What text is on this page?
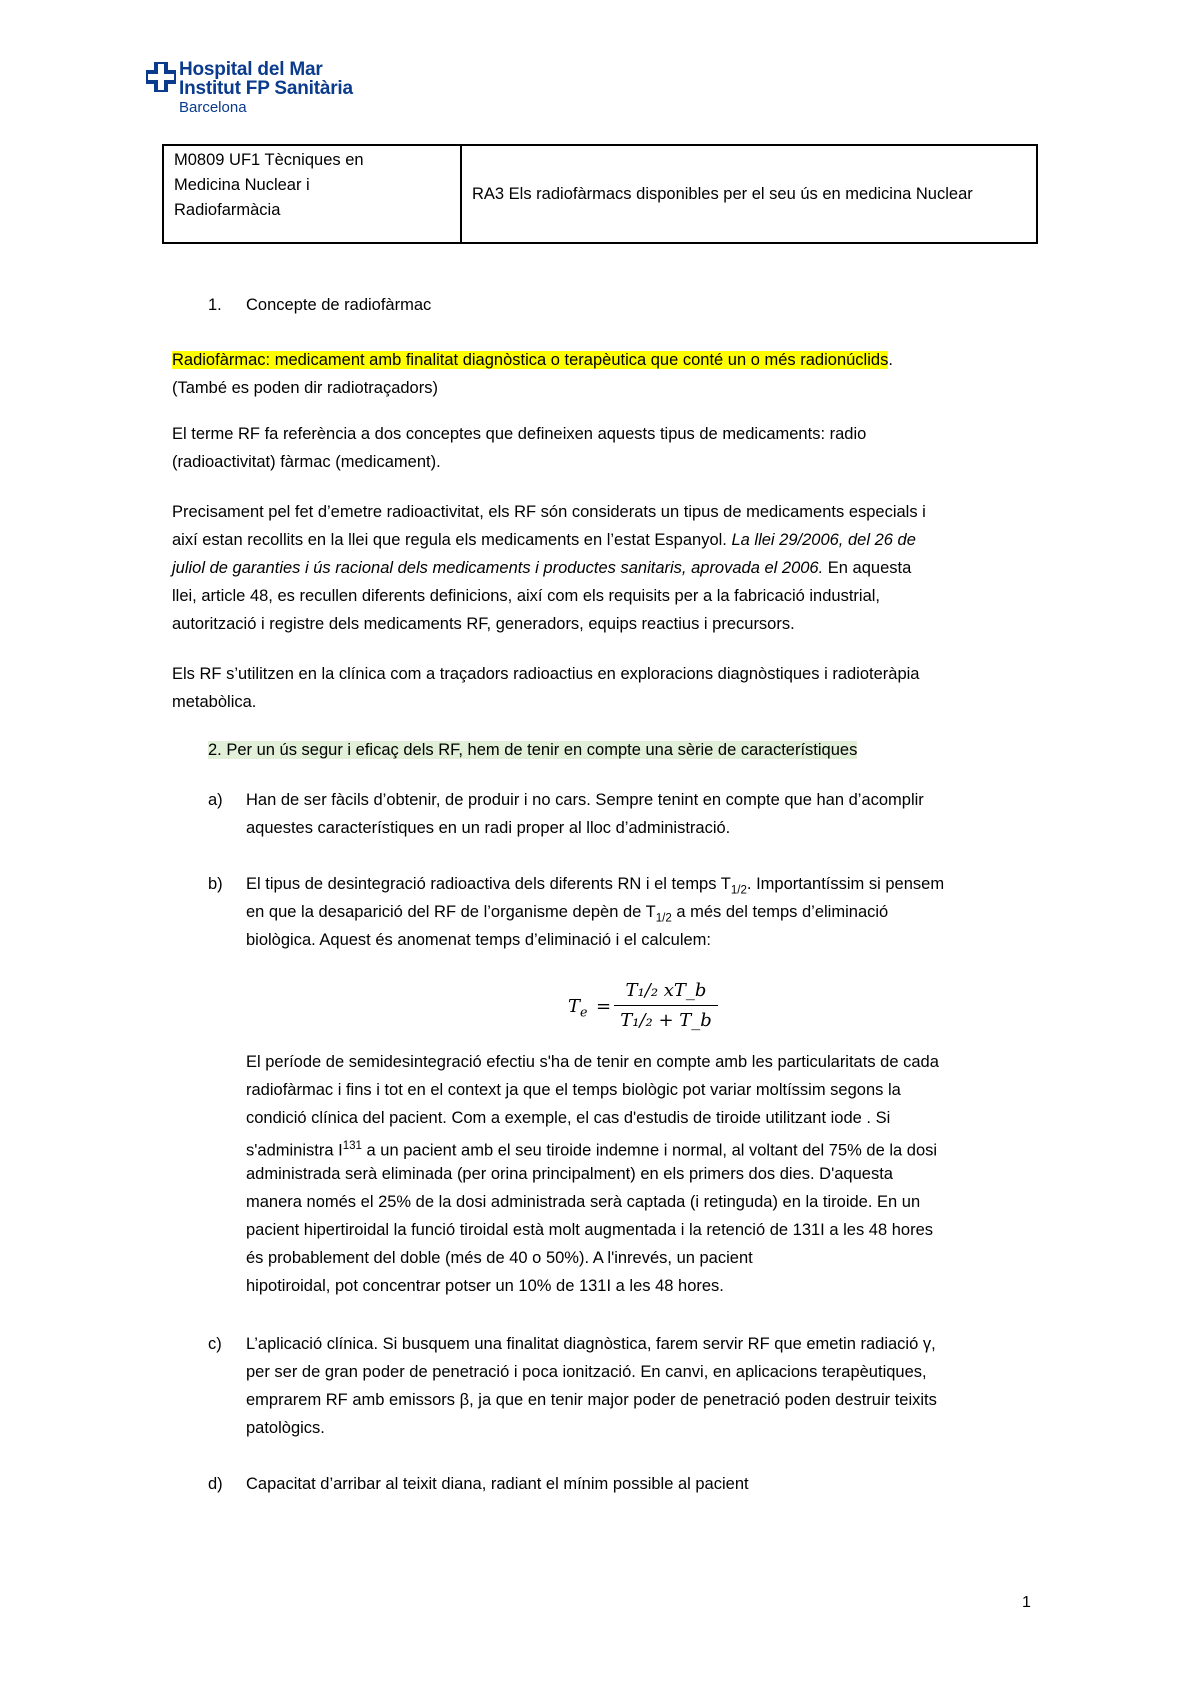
Hospital del Mar
Institut FP Sanitària
Barcelona
M0809 UF1 Tècniques en
Medicina Nuclear i
Radiofarmàcia
RA3 Els radiofàrmacs disponibles per el seu ús en medicina Nuclear
1. Concepte de radiofàrmac
Radiofàrmac: medicament amb finalitat diagnòstica o terapèutica que conté un o més radionúclids.
(També es poden dir radiotraçadors)
El terme RF fa referència a dos conceptes que defineixen aquests tipus de medicaments: radio
(radioactivitat) fàrmac (medicament).
Precisament pel fet d’emetre radioactivitat, els RF són considerats un tipus de medicaments especials i
així estan recollits en la llei que regula els medicaments en l’estat Espanyol. La llei 29/2006, del 26 de
juliol de garanties i ús racional dels medicaments i productes sanitaris, aprovada el 2006. En aquesta
llei, article 48, es recullen diferents definicions, així com els requisits per a la fabricació industrial,
autorització i registre dels medicaments RF, generadors, equips reactius i precursors.
Els RF s’utilitzen en la clínica com a traçadors radioactius en exploracions diagnòstiques i radioteràpia
metabòlica.
2. Per un ús segur i eficaç dels RF, hem de tenir en compte una sèrie de característiques
a)	Han de ser fàcils d’obtenir, de produir i no cars. Sempre tenint en compte que han d’acomplir
aquestes característiques en un radi proper al lloc d’administració.
b)	El tipus de desintegració radioactiva dels diferents RN i el temps $T_{1/2}$. Importantíssim si pensem
en que la desaparició del RF de l’organisme depèn de $T_{1/2}$ a més del temps d’eliminació
biològica. Aquest és anomenat temps d’eliminació i el calculem:
$T_e = \frac{\text{T₁/₂ xT\_b}}{\text{T₁/₂ + T\_b}}$
El període de semidesintegració efectiu s'ha de tenir en compte amb les particularitats de cada
radiofàrmac i fins i tot en el context ja que el temps biològic pot variar moltíssim segons la
condició clínica del pacient. Com a exemple, el cas d'estudis de tiroide utilitzant iode . Si
s'administra $I^{131}$ a un pacient amb el seu tiroide indemne i normal, al voltant del 75% de la dosi
administrada serà eliminada (per orina principalment) en els primers dos dies. D'aquesta
manera només el 25% de la dosi administrada serà captada (i retinguda) en la tiroide. En un
pacient hipertiroidal la funció tiroidal està molt augmentada i la retenció de 131I a les 48 hores
és probablement del doble (més de 40 o 50%). A l'inrevés, un pacient
hipotiroidal, pot concentrar potser un 10% de 131I a les 48 hores.
c)	L’aplicació clínica. Si busquem una finalitat diagnòstica, farem servir RF que emetin radiació γ,
per ser de gran poder de penetració i poca ionització. En canvi, en aplicacions terapèutiques,
emprarem RF amb emissors β, ja que en tenir major poder de penetració poden destruir teixits
patològics.
d)	Capacitat d’arribar al teixit diana, radiant el mínim possible al pacient
1
